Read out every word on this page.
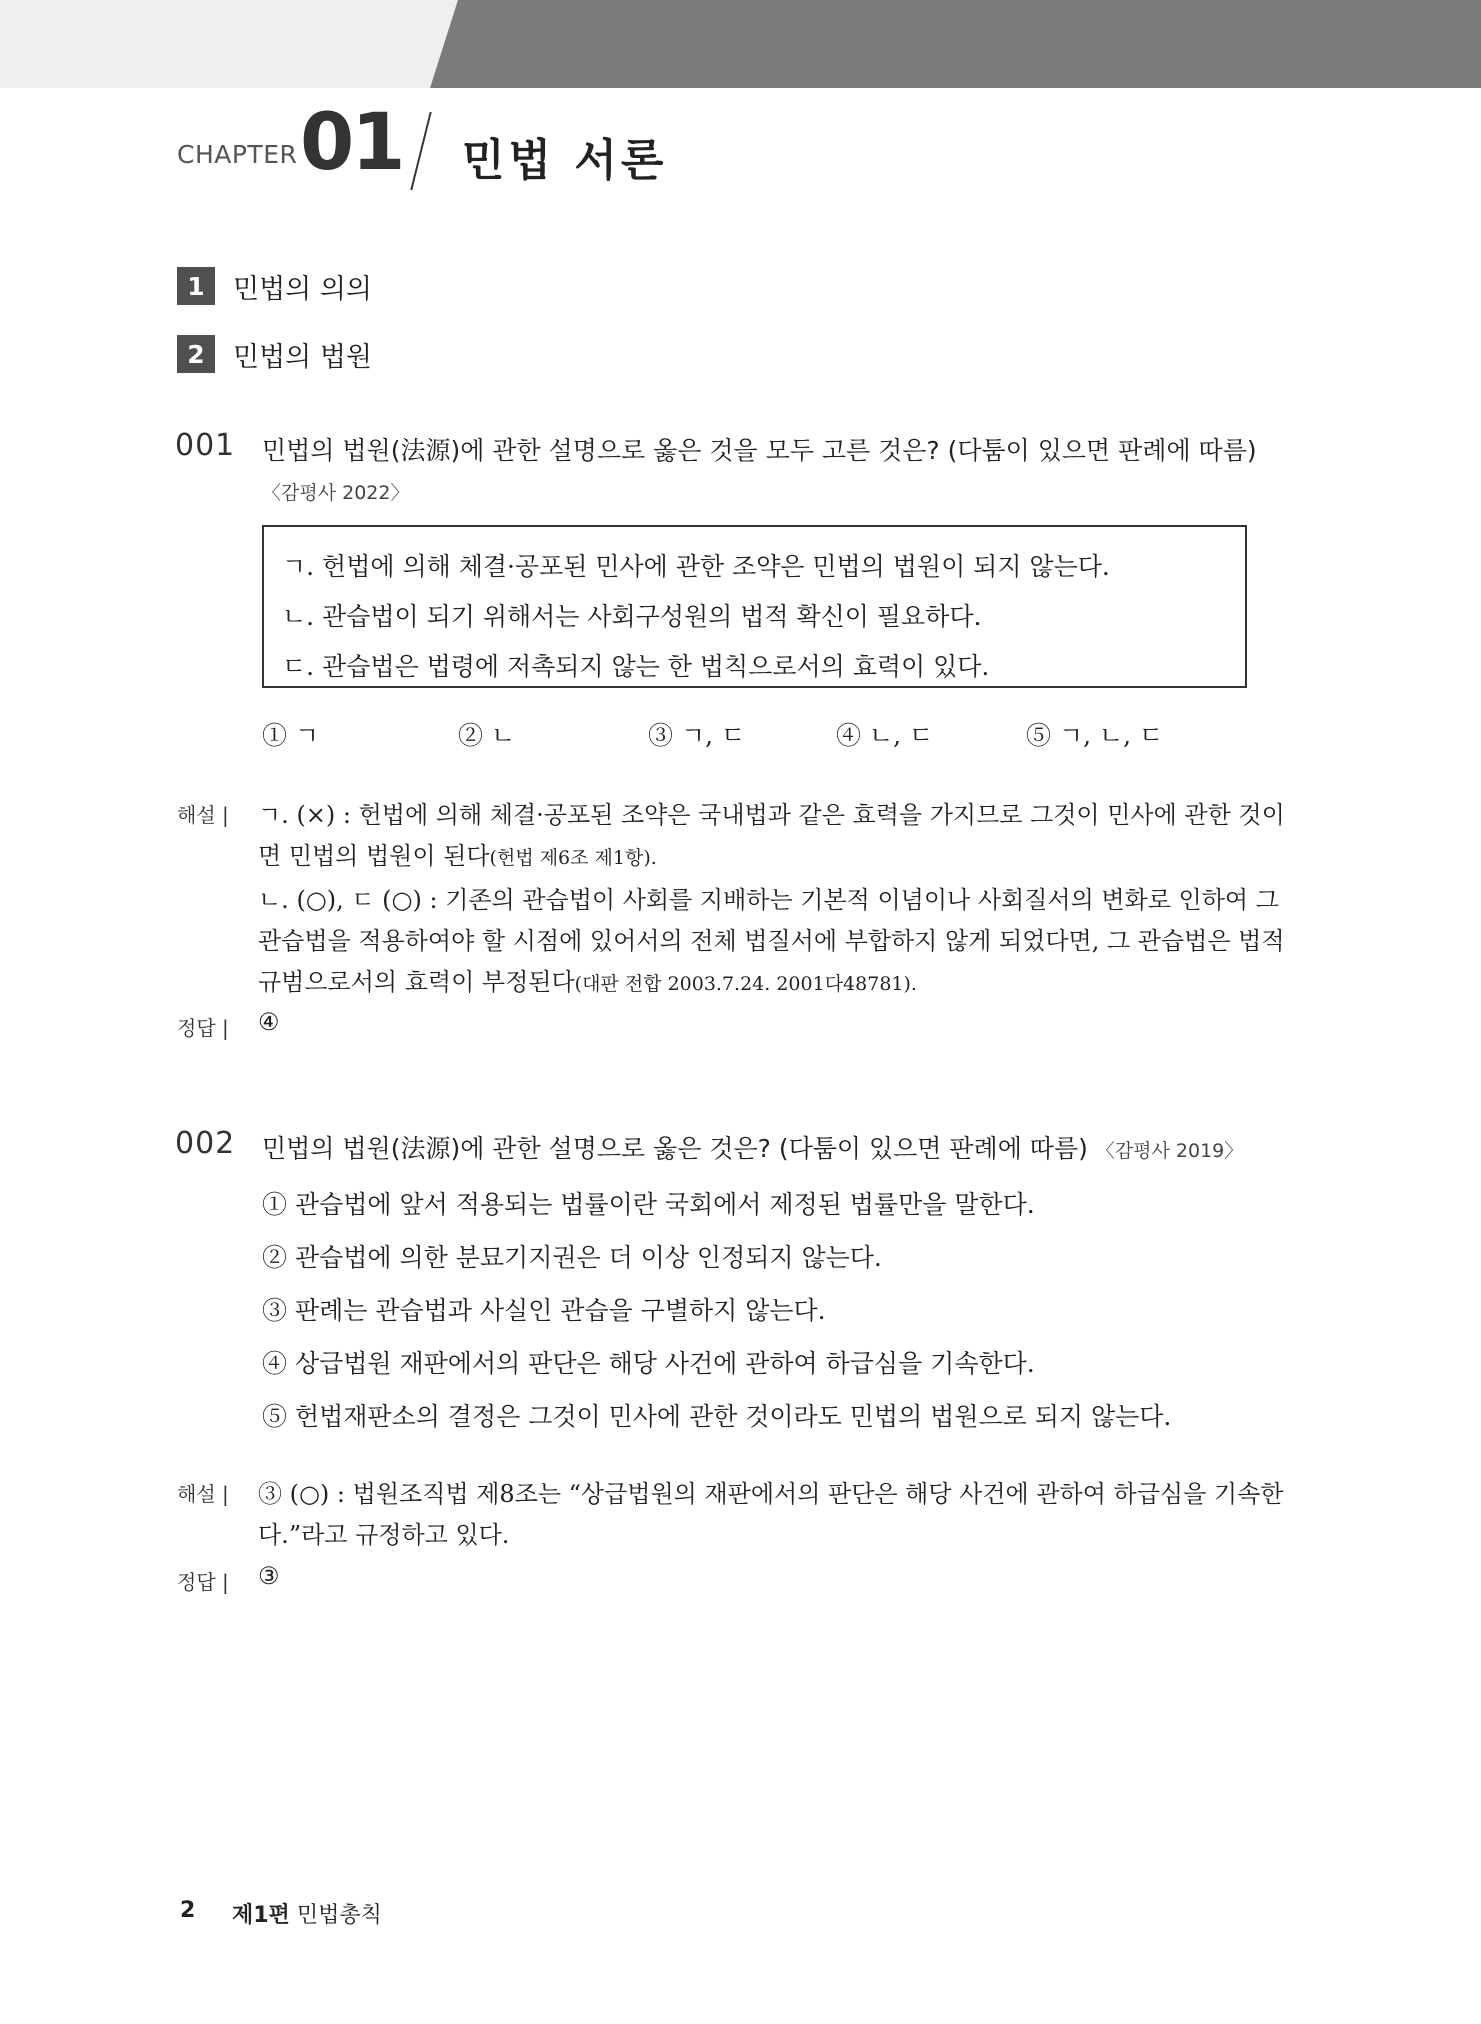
CHAPTER 01 민법 서론
1	민법의 의의
2	민법의 법원
001 민법의 법원(法源)에 관한 설명으로 옳은 것을 모두 고른 것은? (다툼이 있으면 판례에 따름)
〈감평사 2022〉
ㄱ. 헌법에 의해 체결·공포된 민사에 관한 조약은 민법의 법원이 되지 않는다.
ㄴ. 관습법이 되기 위해서는 사회구성원의 법적 확신이 필요하다.
ㄷ. 관습법은 법령에 저촉되지 않는 한 법칙으로서의 효력이 있다.
① ㄱ	② ㄴ	③ ㄱ, ㄷ	④ ㄴ, ㄷ	⑤ ㄱ, ㄴ, ㄷ
해설 | ㄱ. (×) : 헌법에 의해 체결·공포된 조약은 국내법과 같은 효력을 가지므로 그것이 민사에 관한 것이
면 민법의 법원이 된다(헌법 제6조 제1항).
ㄴ. (○), ㄷ (○) : 기존의 관습법이 사회를 지배하는 기본적 이념이나 사회질서의 변화로 인하여 그
관습법을 적용하여야 할 시점에 있어서의 전체 법질서에 부합하지 않게 되었다면, 그 관습법은 법적
규범으로서의 효력이 부정된다(대판 전합 2003.7.24. 2001다48781).
정답 | ④
002 민법의 법원(法源)에 관한 설명으로 옳은 것은? (다툼이 있으면 판례에 따름) 〈감평사 2019〉
① 관습법에 앞서 적용되는 법률이란 국회에서 제정된 법률만을 말한다.
② 관습법에 의한 분묘기지권은 더 이상 인정되지 않는다.
③ 판례는 관습법과 사실인 관습을 구별하지 않는다.
④ 상급법원 재판에서의 판단은 해당 사건에 관하여 하급심을 기속한다.
⑤ 헌법재판소의 결정은 그것이 민사에 관한 것이라도 민법의 법원으로 되지 않는다.
해설 | ③ (○) : 법원조직법 제8조는 “상급법원의 재판에서의 판단은 해당 사건에 관하여 하급심을 기속한
다.”라고 규정하고 있다.
정답 | ③
2 제1편 민법총칙
